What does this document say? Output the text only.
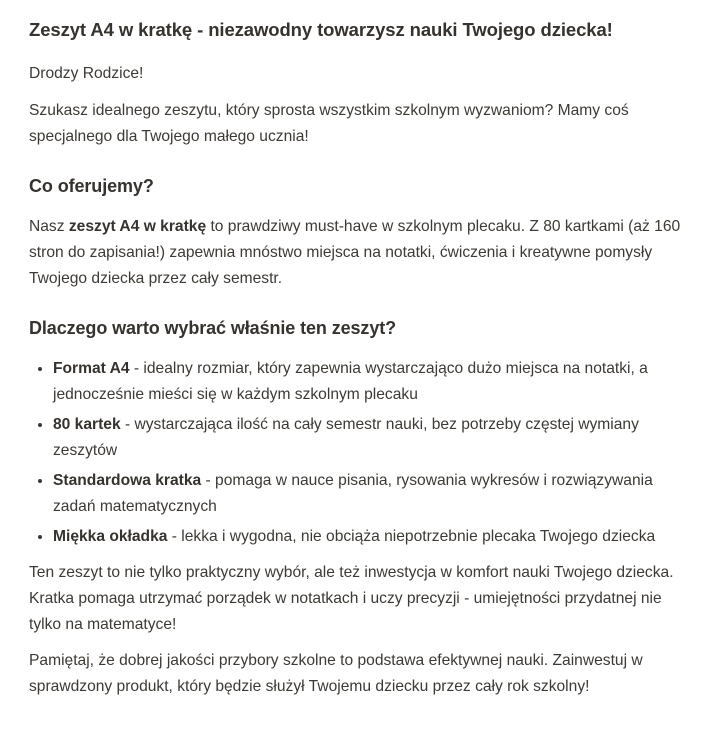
Zeszyt A4 w kratkę - niezawodny towarzysz nauki Twojego dziecka!

Drodzy Rodzice!

Szukasz idealnego zeszytu, który sprosta wszystkim szkolnym wyzwaniom? Mamy coś specjalnego dla Twojego małego ucznia!

Co oferujemy?

Nasz zeszyt A4 w kratkę to prawdziwy must-have w szkolnym plecaku. Z 80 kartkami (aż 160 stron do zapisania!) zapewnia mnóstwo miejsca na notatki, ćwiczenia i kreatywne pomysły Twojego dziecka przez cały semestr.

Dlaczego warto wybrać właśnie ten zeszyt?
• Format A4 - idealny rozmiar, który zapewnia wystarczająco dużo miejsca na notatki, a jednocześnie mieści się w każdym szkolnym plecaku
• 80 kartek - wystarczająca ilość na cały semestr nauki, bez potrzeby częstej wymiany zeszytów
• Standardowa kratka - pomaga w nauce pisania, rysowania wykresów i rozwiązywania zadań matematycznych
• Miękka okładka - lekka i wygodna, nie obciąża niepotrzebnie plecaka Twojego dziecka

Ten zeszyt to nie tylko praktyczny wybór, ale też inwestycja w komfort nauki Twojego dziecka. Kratka pomaga utrzymać porządek w notatkach i uczy precyzji - umiejętności przydatnej nie tylko na matematyce!

Pamiętaj, że dobrej jakości przybory szkolne to podstawa efektywnej nauki. Zainwestuj w sprawdzony produkt, który będzie służył Twojemu dziecku przez cały rok szkolny!
